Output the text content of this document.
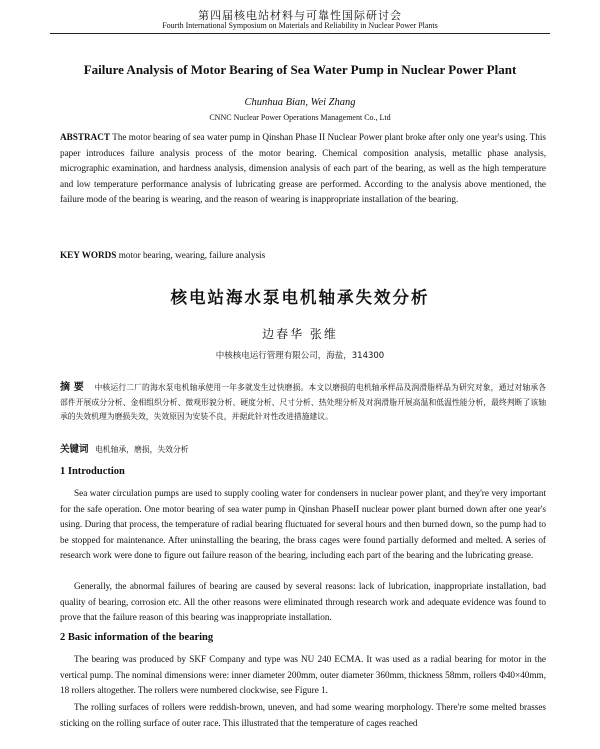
第四届核电站材料与可靠性国际研讨会
Fourth International Symposium on Materials and Reliability in Nuclear Power Plants
Failure Analysis of Motor Bearing of Sea Water Pump in Nuclear Power Plant
Chunhua Bian, Wei Zhang
CNNC Nuclear Power Operations Management Co., Ltd
ABSTRACT The motor bearing of sea water pump in Qinshan Phase II Nuclear Power plant broke after only one year's using. This paper introduces failure analysis process of the motor bearing. Chemical composition analysis, metallic phase analysis, micrographic examination, and hardness analysis, dimension analysis of each part of the bearing, as well as the high temperature and low temperature performance analysis of lubricating grease are performed. According to the analysis above mentioned, the failure mode of the bearing is wearing, and the reason of wearing is inappropriate installation of the bearing.
KEY WORDS motor bearing, wearing, failure analysis
核电站海水泵电机轴承失效分析
边春华 张维
中核核电运行管理有限公司，海盐，314300
摘 要 中核运行二厂的海水泵电机轴承使用一年多就发生过快磨损。本文以磨损的电机轴承样品及润滑脂样品为研究对象，通过对轴承各部件开展成分分析、金相组织分析、微观形貌分析、硬度分析、尺寸分析、热处理分析及对润滑脂开展高温和低温性能分析，最终判断了该轴承的失效机理为磨损失效，失效原因为安装不良，并据此针对性改进措施建议。
关键词 电机轴承，磨损，失效分析
1 Introduction
Sea water circulation pumps are used to supply cooling water for condensers in nuclear power plant, and they're very important for the safe operation. One motor bearing of sea water pump in Qinshan PhaseII nuclear power plant burned down after one year's using. During that process, the temperature of radial bearing fluctuated for several hours and then burned down, so the pump had to be stopped for maintenance. After uninstalling the bearing, the brass cages were found partially deformed and melted. A series of research work were done to figure out failure reason of the bearing, including each part of the bearing and the lubricating grease.
Generally, the abnormal failures of bearing are caused by several reasons: lack of lubrication, inappropriate installation, bad quality of bearing, corrosion etc. All the other reasons were eliminated through research work and adequate evidence was found to prove that the failure reason of this bearing was inappropriate installation.
2 Basic information of the bearing
The bearing was produced by SKF Company and type was NU 240 ECMA. It was used as a radial bearing for motor in the vertical pump. The nominal dimensions were: inner diameter 200mm, outer diameter 360mm, thickness 58mm, rollers Φ40×40mm, 18 rollers altogether. The rollers were numbered clockwise, see Figure 1.
The rolling surfaces of rollers were reddish-brown, uneven, and had some wearing morphology. There're some melted brasses sticking on the rolling surface of outer race. This illustrated that the temperature of cages reached
